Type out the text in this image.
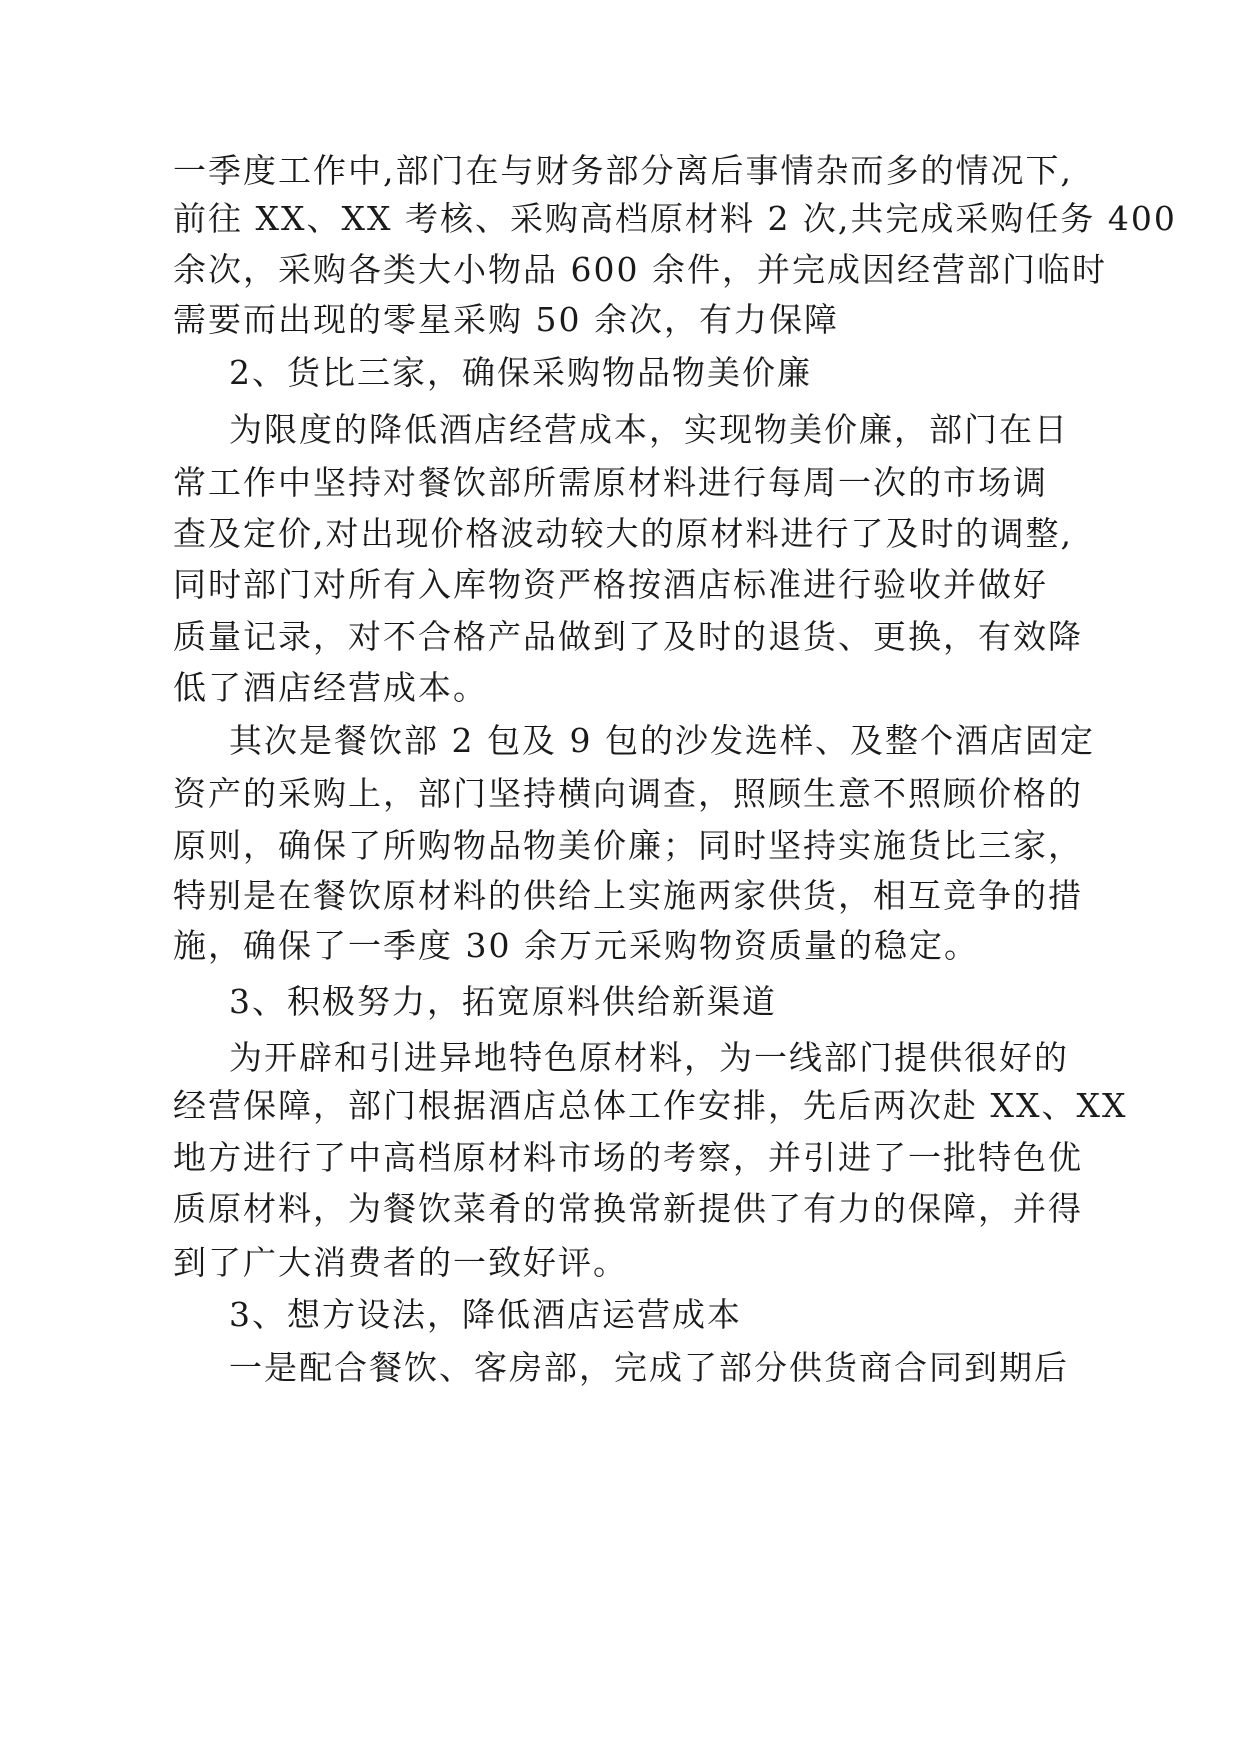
一季度工作中,部门在与财务部分离后事情杂而多的情况下,
前往 XX、XX 考核、采购高档原材料 2 次,共完成采购任务 400
余次，采购各类大小物品 600 余件，并完成因经营部门临时
需要而出现的零星采购 50 余次，有力保障
2、货比三家，确保采购物品物美价廉
为限度的降低酒店经营成本，实现物美价廉，部门在日
常工作中坚持对餐饮部所需原材料进行每周一次的市场调
查及定价,对出现价格波动较大的原材料进行了及时的调整,
同时部门对所有入库物资严格按酒店标准进行验收并做好
质量记录，对不合格产品做到了及时的退货、更换，有效降
低了酒店经营成本。
其次是餐饮部 2 包及 9 包的沙发选样、及整个酒店固定
资产的采购上，部门坚持横向调查，照顾生意不照顾价格的
原则，确保了所购物品物美价廉；同时坚持实施货比三家，
特别是在餐饮原材料的供给上实施两家供货，相互竞争的措
施，确保了一季度 30 余万元采购物资质量的稳定。
3、积极努力，拓宽原料供给新渠道
为开辟和引进异地特色原材料，为一线部门提供很好的
经营保障，部门根据酒店总体工作安排，先后两次赴 XX、XX
地方进行了中高档原材料市场的考察，并引进了一批特色优
质原材料，为餐饮菜肴的常换常新提供了有力的保障，并得
到了广大消费者的一致好评。
3、想方设法，降低酒店运营成本
一是配合餐饮、客房部，完成了部分供货商合同到期后
